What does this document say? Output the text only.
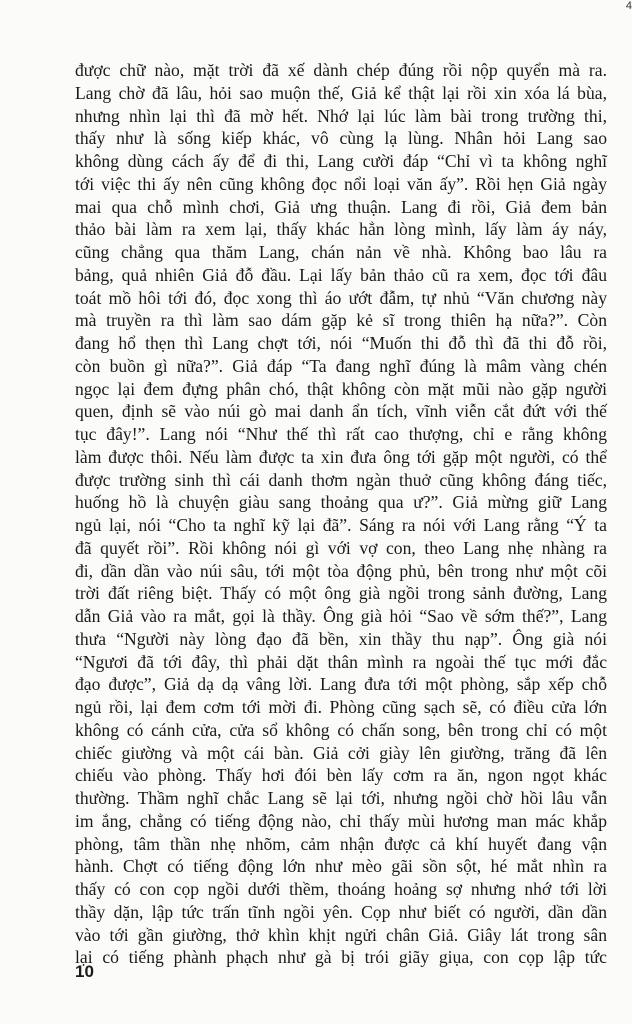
4
được chữ nào, mặt trời đã xế dành chép đúng rồi nộp quyển mà ra.
Lang chờ đã lâu, hỏi sao muộn thế, Giả kể thật lại rồi xin xóa lá bùa,
nhưng nhìn lại thì đã mờ hết. Nhớ lại lúc làm bài trong trường thi,
thấy như là sống kiếp khác, vô cùng lạ lùng. Nhân hỏi Lang sao
không dùng cách ấy để đi thi, Lang cười đáp “Chỉ vì ta không nghĩ
tới việc thi ấy nên cũng không đọc nổi loại văn ấy”. Rồi hẹn Giả ngày
mai qua chỗ mình chơi, Giả ưng thuận. Lang đi rồi, Giả đem bản
thảo bài làm ra xem lại, thấy khác hẳn lòng mình, lấy làm áy náy,
cũng chẳng qua thăm Lang, chán nản về nhà. Không bao lâu ra
bảng, quả nhiên Giả đỗ đầu. Lại lấy bản thảo cũ ra xem, đọc tới đâu
toát mồ hôi tới đó, đọc xong thì áo ướt đẫm, tự nhủ “Văn chương này
mà truyền ra thì làm sao dám gặp kẻ sĩ trong thiên hạ nữa?”. Còn
đang hổ thẹn thì Lang chợt tới, nói “Muốn thi đỗ thì đã thi đỗ rồi,
còn buồn gì nữa?”. Giả đáp “Ta đang nghĩ đúng là mâm vàng chén
ngọc lại đem đựng phân chó, thật không còn mặt mũi nào gặp người
quen, định sẽ vào núi gò mai danh ẩn tích, vĩnh viễn cắt đứt với thế
tục đây!”. Lang nói “Như thế thì rất cao thượng, chỉ e rằng không
làm được thôi. Nếu làm được ta xin đưa ông tới gặp một người, có thể
được trường sinh thì cái danh thơm ngàn thuở cũng không đáng tiếc,
huống hồ là chuyện giàu sang thoảng qua ư?”. Giả mừng giữ Lang
ngủ lại, nói “Cho ta nghĩ kỹ lại đã”. Sáng ra nói với Lang rằng “Ý ta
đã quyết rồi”. Rồi không nói gì với vợ con, theo Lang nhẹ nhàng ra
đi, dần dần vào núi sâu, tới một tòa động phủ, bên trong như một cõi
trời đất riêng biệt. Thấy có một ông già ngồi trong sảnh đường, Lang
dẫn Giả vào ra mắt, gọi là thầy. Ông già hỏi “Sao về sớm thế?”, Lang
thưa “Người này lòng đạo đã bền, xin thầy thu nạp”. Ông già nói
“Ngươi đã tới đây, thì phải dặt thân mình ra ngoài thế tục mới đắc
đạo được”, Giả dạ dạ vâng lời. Lang đưa tới một phòng, sắp xếp chỗ
ngủ rồi, lại đem cơm tới mời đi. Phòng cũng sạch sẽ, có điều cửa lớn
không có cánh cửa, cửa sổ không có chấn song, bên trong chỉ có một
chiếc giường và một cái bàn. Giả cởi giày lên giường, trăng đã lên
chiếu vào phòng. Thấy hơi đói bèn lấy cơm ra ăn, ngon ngọt khác
thường. Thầm nghĩ chắc Lang sẽ lại tới, nhưng ngồi chờ hồi lâu vẫn
im ắng, chẳng có tiếng động nào, chỉ thấy mùi hương man mác khắp
phòng, tâm thần nhẹ nhõm, cảm nhận được cả khí huyết đang vận
hành. Chợt có tiếng động lớn như mèo gãi sồn sột, hé mắt nhìn ra
thấy có con cọp ngồi dưới thềm, thoáng hoảng sợ nhưng nhớ tới lời
thầy dặn, lập tức trấn tĩnh ngồi yên. Cọp như biết có người, dần dần
vào tới gần giường, thở khìn khịt ngửi chân Giả. Giây lát trong sân
lại có tiếng phành phạch như gà bị trói giãy giụa, con cọp lập tức
10
